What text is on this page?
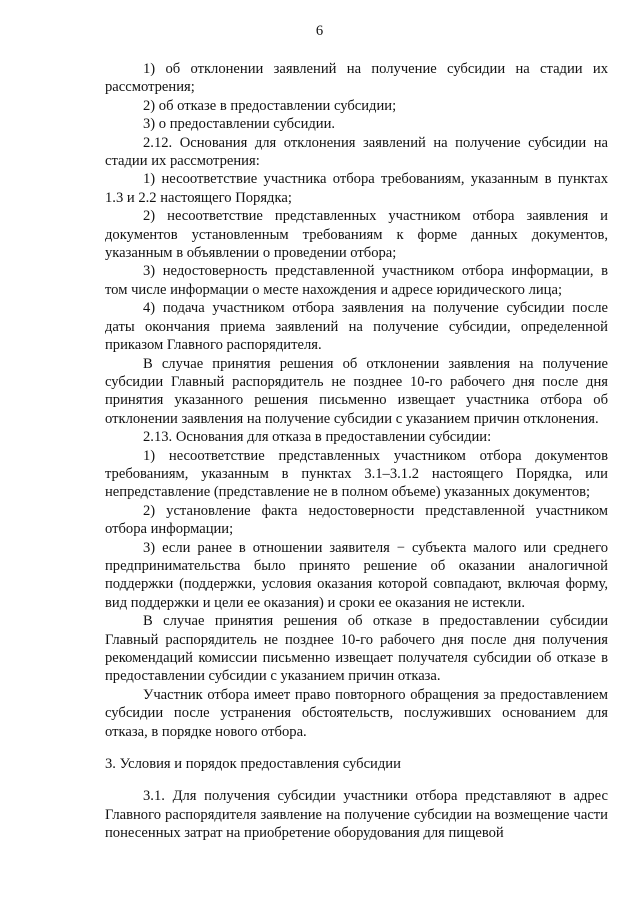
6

1) об отклонении заявлений на получение субсидии на стадии их рассмотрения;

2) об отказе в предоставлении субсидии;

3) о предоставлении субсидии.

2.12. Основания для отклонения заявлений на получение субсидии на стадии их рассмотрения:

1) несоответствие участника отбора требованиям, указанным в пунктах 1.3 и 2.2 настоящего Порядка;

2) несоответствие представленных участником отбора заявления и документов установленным требованиям к форме данных документов, указанным в объявлении о проведении отбора;

3) недостоверность представленной участником отбора информации, в том числе информации о месте нахождения и адресе юридического лица;

4) подача участником отбора заявления на получение субсидии после даты окончания приема заявлений на получение субсидии, определенной приказом Главного распорядителя.

В случае принятия решения об отклонении заявления на получение субсидии Главный распорядитель не позднее 10-го рабочего дня после дня принятия указанного решения письменно извещает участника отбора об отклонении заявления на получение субсидии с указанием причин отклонения.

2.13. Основания для отказа в предоставлении субсидии:

1) несоответствие представленных участником отбора документов требованиям, указанным в пунктах 3.1–3.1.2 настоящего Порядка, или непредставление (представление не в полном объеме) указанных документов;

2) установление факта недостоверности представленной участником отбора информации;

3) если ранее в отношении заявителя − субъекта малого или среднего предпринимательства было принято решение об оказании аналогичной поддержки (поддержки, условия оказания которой совпадают, включая форму, вид поддержки и цели ее оказания) и сроки ее оказания не истекли.

В случае принятия решения об отказе в предоставлении субсидии Главный распорядитель не позднее 10-го рабочего дня после дня получения рекомендаций комиссии письменно извещает получателя субсидии об отказе в предоставлении субсидии с указанием причин отказа.

Участник отбора имеет право повторного обращения за предоставлением субсидии после устранения обстоятельств, послуживших основанием для отказа, в порядке нового отбора.

3. Условия и порядок предоставления субсидии

3.1. Для получения субсидии участники отбора представляют в адрес Главного распорядителя заявление на получение субсидии на возмещение части понесенных затрат на приобретение оборудования для пищевой
